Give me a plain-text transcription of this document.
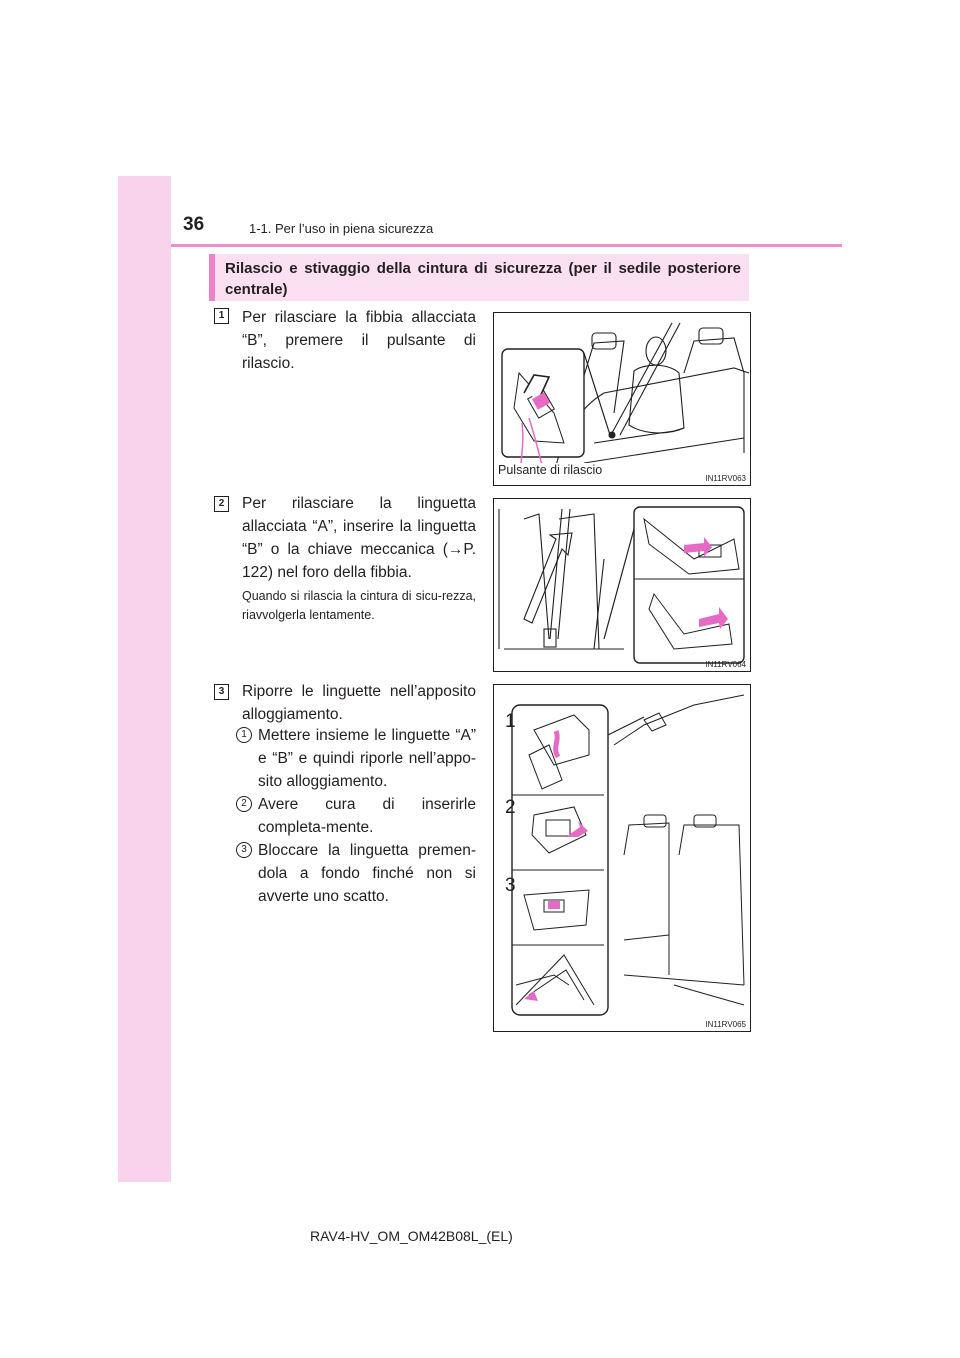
36	1-1. Per l’uso in piena sicurezza
Rilascio e stivaggio della cintura di sicurezza (per il sedile posteriore centrale)
1	Per rilasciare la fibbia allacciata “B”, premere il pulsante di rilascio.
Pulsante di rilascio
IN11RV063
2	Per rilasciare la linguetta allacciata “A”, inserire la linguetta “B” o la chiave meccanica (→P. 122) nel foro della fibbia.
Quando si rilascia la cintura di sicu-rezza, riavvolgerla lentamente.
IN11RV064
3	Riporre le linguette nell’apposito alloggiamento.
1 Mettere insieme le linguette “A” e “B” e quindi riporle nell’appo-sito alloggiamento.
2 Avere cura di inserirle completa-mente.
3 Bloccare la linguetta premen-dola a fondo finché non si avverte uno scatto.
1
2
3
IN11RV065
RAV4-HV_OM_OM42B08L_(EL)
